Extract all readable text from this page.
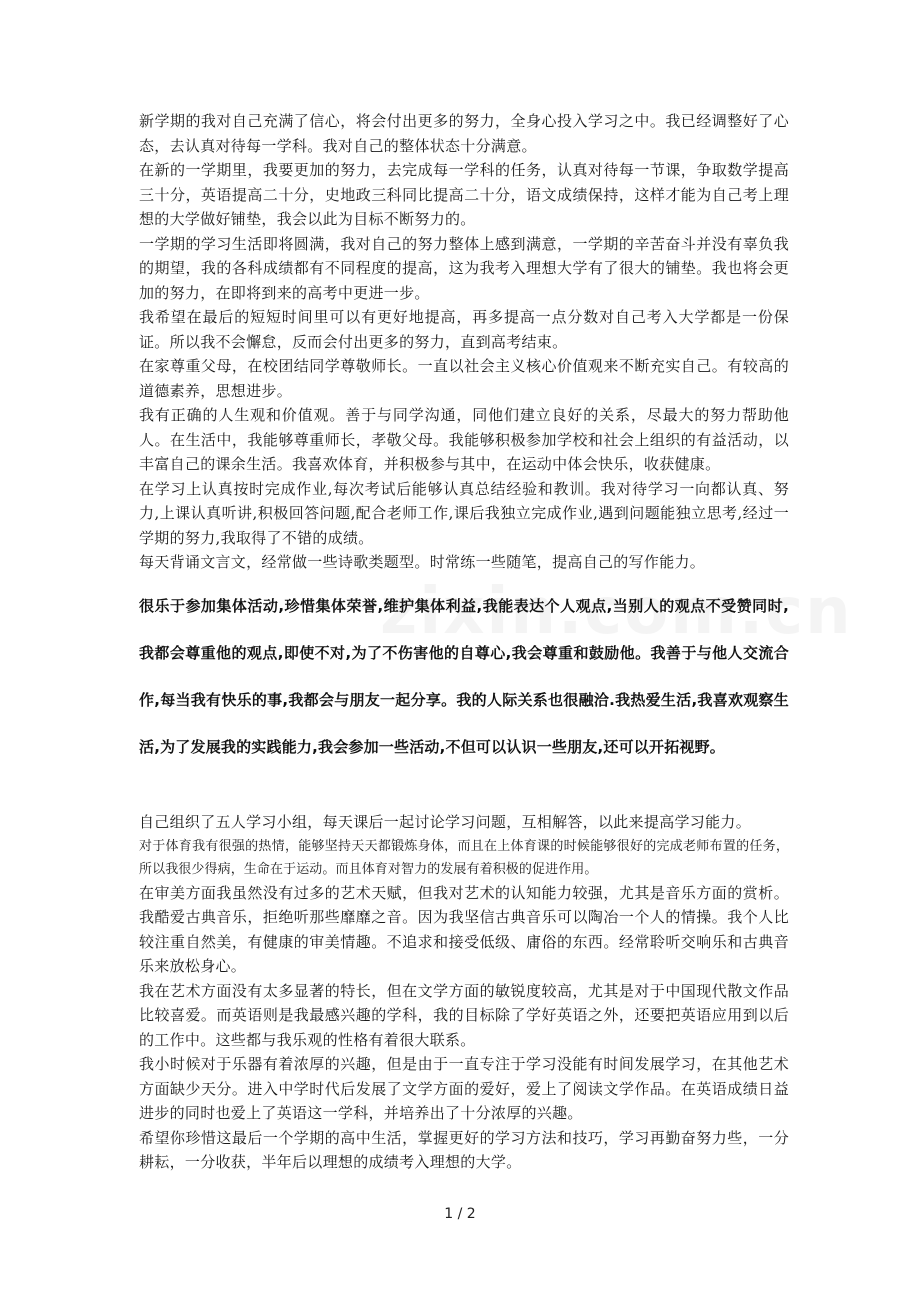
新学期的我对自己充满了信心，将会付出更多的努力，全身心投入学习之中。我已经调整好了心态，去认真对待每一学科。我对自己的整体状态十分满意。

在新的一学期里，我要更加的努力，去完成每一学科的任务，认真对待每一节课，争取数学提高三十分，英语提高二十分，史地政三科同比提高二十分，语文成绩保持，这样才能为自己考上理想的大学做好铺垫，我会以此为目标不断努力的。

一学期的学习生活即将圆满，我对自己的努力整体上感到满意，一学期的辛苦奋斗并没有辜负我的期望，我的各科成绩都有不同程度的提高，这为我考入理想大学有了很大的铺垫。我也将会更加的努力，在即将到来的高考中更进一步。

我希望在最后的短短时间里可以有更好地提高，再多提高一点分数对自己考入大学都是一份保证。所以我不会懈怠，反而会付出更多的努力，直到高考结束。

在家尊重父母，在校团结同学尊敬师长。一直以社会主义核心价值观来不断充实自己。有较高的道德素养，思想进步。

我有正确的人生观和价值观。善于与同学沟通，同他们建立良好的关系，尽最大的努力帮助他人。在生活中，我能够尊重师长，孝敬父母。我能够积极参加学校和社会上组织的有益活动，以丰富自己的课余生活。我喜欢体育，并积极参与其中，在运动中体会快乐，收获健康。

在学习上认真按时完成作业,每次考试后能够认真总结经验和教训。我对待学习一向都认真、努力,上课认真听讲,积极回答问题,配合老师工作,课后我独立完成作业,遇到问题能独立思考,经过一学期的努力,我取得了不错的成绩。

每天背诵文言文，经常做一些诗歌类题型。时常练一些随笔，提高自己的写作能力。

很乐于参加集体活动,珍惜集体荣誉,维护集体利益,我能表达个人观点,当别人的观点不受赞同时,我都会尊重他的观点,即使不对,为了不伤害他的自尊心,我会尊重和鼓励他。我善于与他人交流合作,每当我有快乐的事,我都会与朋友一起分享。我的人际关系也很融洽.我热爱生活,我喜欢观察生活,为了发展我的实践能力,我会参加一些活动,不但可以认识一些朋友,还可以开拓视野。

自己组织了五人学习小组，每天课后一起讨论学习问题，互相解答，以此来提高学习能力。

对于体育我有很强的热情，能够坚持天天都锻炼身体，而且在上体育课的时候能够很好的完成老师布置的任务，所以我很少得病，生命在于运动。而且体育对智力的发展有着积极的促进作用。

在审美方面我虽然没有过多的艺术天赋，但我对艺术的认知能力较强，尤其是音乐方面的赏析。我酷爱古典音乐，拒绝听那些靡靡之音。因为我坚信古典音乐可以陶冶一个人的情操。我个人比较注重自然美，有健康的审美情趣。不追求和接受低级、庸俗的东西。经常聆听交响乐和古典音乐来放松身心。

我在艺术方面没有太多显著的特长，但在文学方面的敏锐度较高，尤其是对于中国现代散文作品比较喜爱。而英语则是我最感兴趣的学科，我的目标除了学好英语之外，还要把英语应用到以后的工作中。这些都与我乐观的性格有着很大联系。

我小时候对于乐器有着浓厚的兴趣，但是由于一直专注于学习没能有时间发展学习，在其他艺术方面缺少天分。进入中学时代后发展了文学方面的爱好，爱上了阅读文学作品。在英语成绩日益进步的同时也爱上了英语这一学科，并培养出了十分浓厚的兴趣。

希望你珍惜这最后一个学期的高中生活，掌握更好的学习方法和技巧，学习再勤奋努力些，一分耕耘，一分收获，半年后以理想的成绩考入理想的大学。

1 / 2
